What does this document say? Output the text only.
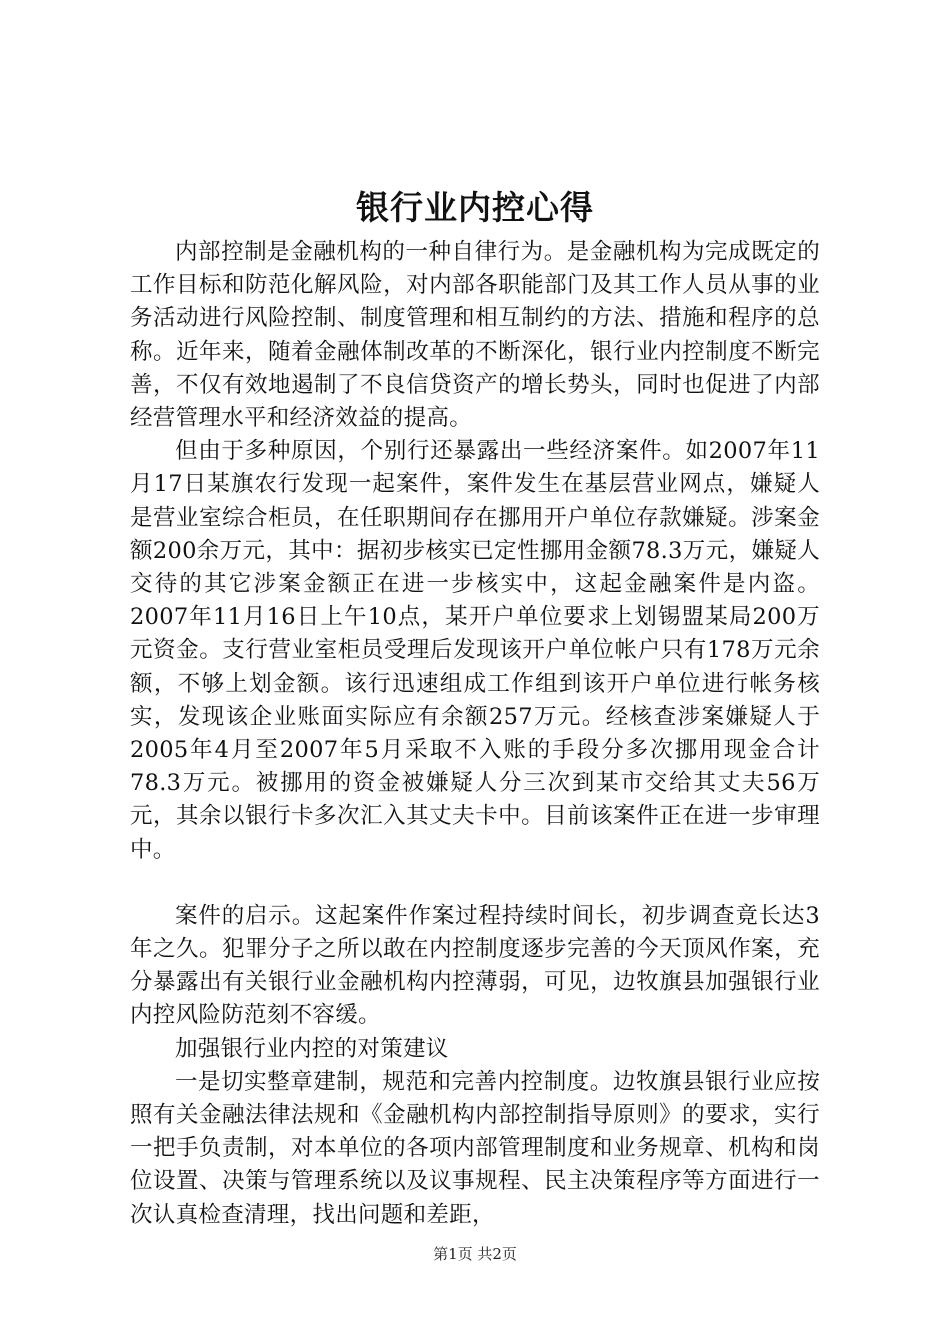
银行业内控心得

内部控制是金融机构的一种自律行为。是金融机构为完成既定的工作目标和防范化解风险，对内部各职能部门及其工作人员从事的业务活动进行风险控制、制度管理和相互制约的方法、措施和程序的总称。近年来，随着金融体制改革的不断深化，银行业内控制度不断完善，不仅有效地遏制了不良信贷资产的增长势头，同时也促进了内部经营管理水平和经济效益的提高。

但由于多种原因，个别行还暴露出一些经济案件。如2007年11月17日某旗农行发现一起案件，案件发生在基层营业网点，嫌疑人是营业室综合柜员，在任职期间存在挪用开户单位存款嫌疑。涉案金额200余万元，其中：据初步核实已定性挪用金额78.3万元，嫌疑人交待的其它涉案金额正在进一步核实中，这起金融案件是内盗。2007年11月16日上午10点，某开户单位要求上划锡盟某局200万元资金。支行营业室柜员受理后发现该开户单位帐户只有178万元余额，不够上划金额。该行迅速组成工作组到该开户单位进行帐务核实，发现该企业账面实际应有余额257万元。经核查涉案嫌疑人于2005年4月至2007年5月采取不入账的手段分多次挪用现金合计78.3万元。被挪用的资金被嫌疑人分三次到某市交给其丈夫56万元，其余以银行卡多次汇入其丈夫卡中。目前该案件正在进一步审理中。

案件的启示。这起案件作案过程持续时间长，初步调查竟长达3年之久。犯罪分子之所以敢在内控制度逐步完善的今天顶风作案，充分暴露出有关银行业金融机构内控薄弱，可见，边牧旗县加强银行业内控风险防范刻不容缓。

加强银行业内控的对策建议

一是切实整章建制，规范和完善内控制度。边牧旗县银行业应按照有关金融法律法规和《金融机构内部控制指导原则》的要求，实行一把手负责制，对本单位的各项内部管理制度和业务规章、机构和岗位设置、决策与管理系统以及议事规程、民主决策程序等方面进行一次认真检查清理，找出问题和差距，

第1页 共2页
